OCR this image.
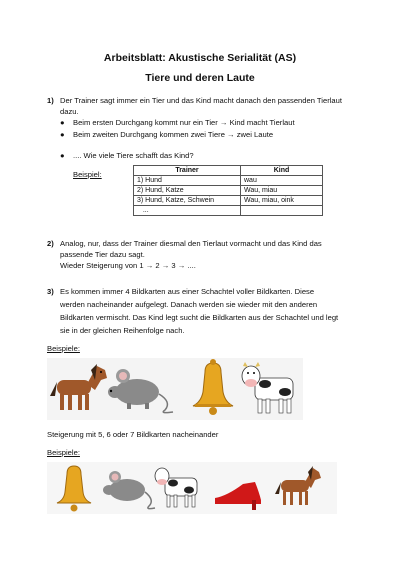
Arbeitsblatt: Akustische Serialität (AS)
Tiere und deren Laute
1) Der Trainer sagt immer ein Tier und das Kind macht danach den passenden Tierlaut dazu.
● Beim ersten Durchgang kommt nur ein Tier → Kind macht Tierlaut
● Beim zweiten Durchgang kommen zwei Tiere → zwei Laute
● .... Wie viele Tiere schafft das Kind?
Beispiel:	Trainer	Kind
1) Hund	wau
2) Hund, Katze	Wau, miau
3) Hund, Katze, Schwein	Wau, miau, oink
...	
2) Analog, nur, dass der Trainer diesmal den Tierlaut vormacht und das Kind das
passende Tier dazu sagt.
Wieder Steigerung von 1 → 2 → 3 → ....
3) Es kommen immer 4 Bildkarten aus einer Schachtel voller Bildkarten. Diese
werden nacheinander aufgelegt. Danach werden sie wieder mit den anderen
Bildkarten vermischt. Das Kind legt sucht die Bildkarten aus der Schachtel und legt
sie in der gleichen Reihenfolge nach.
Beispiele:
Steigerung mit 5, 6 oder 7 Bildkarten nacheinander
Beispiele:
